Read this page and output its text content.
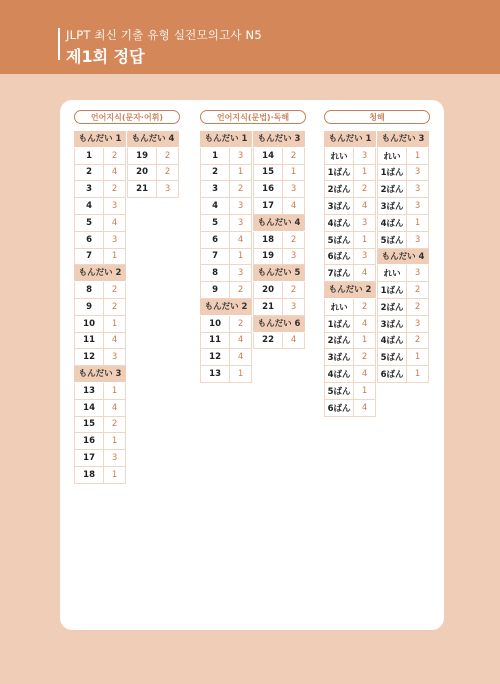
JLPT 최신 기출 유형 실전모의고사 N5
제1회 정답
언어지식(문자·어휘)
もんだい 1
1	2
2	4
3	2
4	3
5	4
6	3
7	1
もんだい 2
8	2
9	2
10	1
11	4
12	3
もんだい 3
13	1
14	4
15	2
16	1
17	3
18	1
もんだい 4
19	2
20	2
21	3
언어지식(문법)·독해
もんだい 1
1	3
2	1
3	2
4	3
5	3
6	4
7	1
8	3
9	2
もんだい 2
10	2
11	4
12	4
13	1
もんだい 3
14	2
15	1
16	3
17	4
もんだい 4
18	2
19	3
もんだい 5
20	2
21	3
もんだい 6
22	4
청해
もんだい 1
れい	3
1ばん	1
2ばん	2
3ばん	4
4ばん	3
5ばん	1
6ばん	3
7ばん	4
もんだい 2
れい	2
1ばん	4
2ばん	1
3ばん	2
4ばん	4
5ばん	1
6ばん	4
もんだい 3
れい	1
1ばん	3
2ばん	3
3ばん	3
4ばん	1
5ばん	3
もんだい 4
れい	3
1ばん	2
2ばん	2
3ばん	3
4ばん	2
5ばん	1
6ばん	1
